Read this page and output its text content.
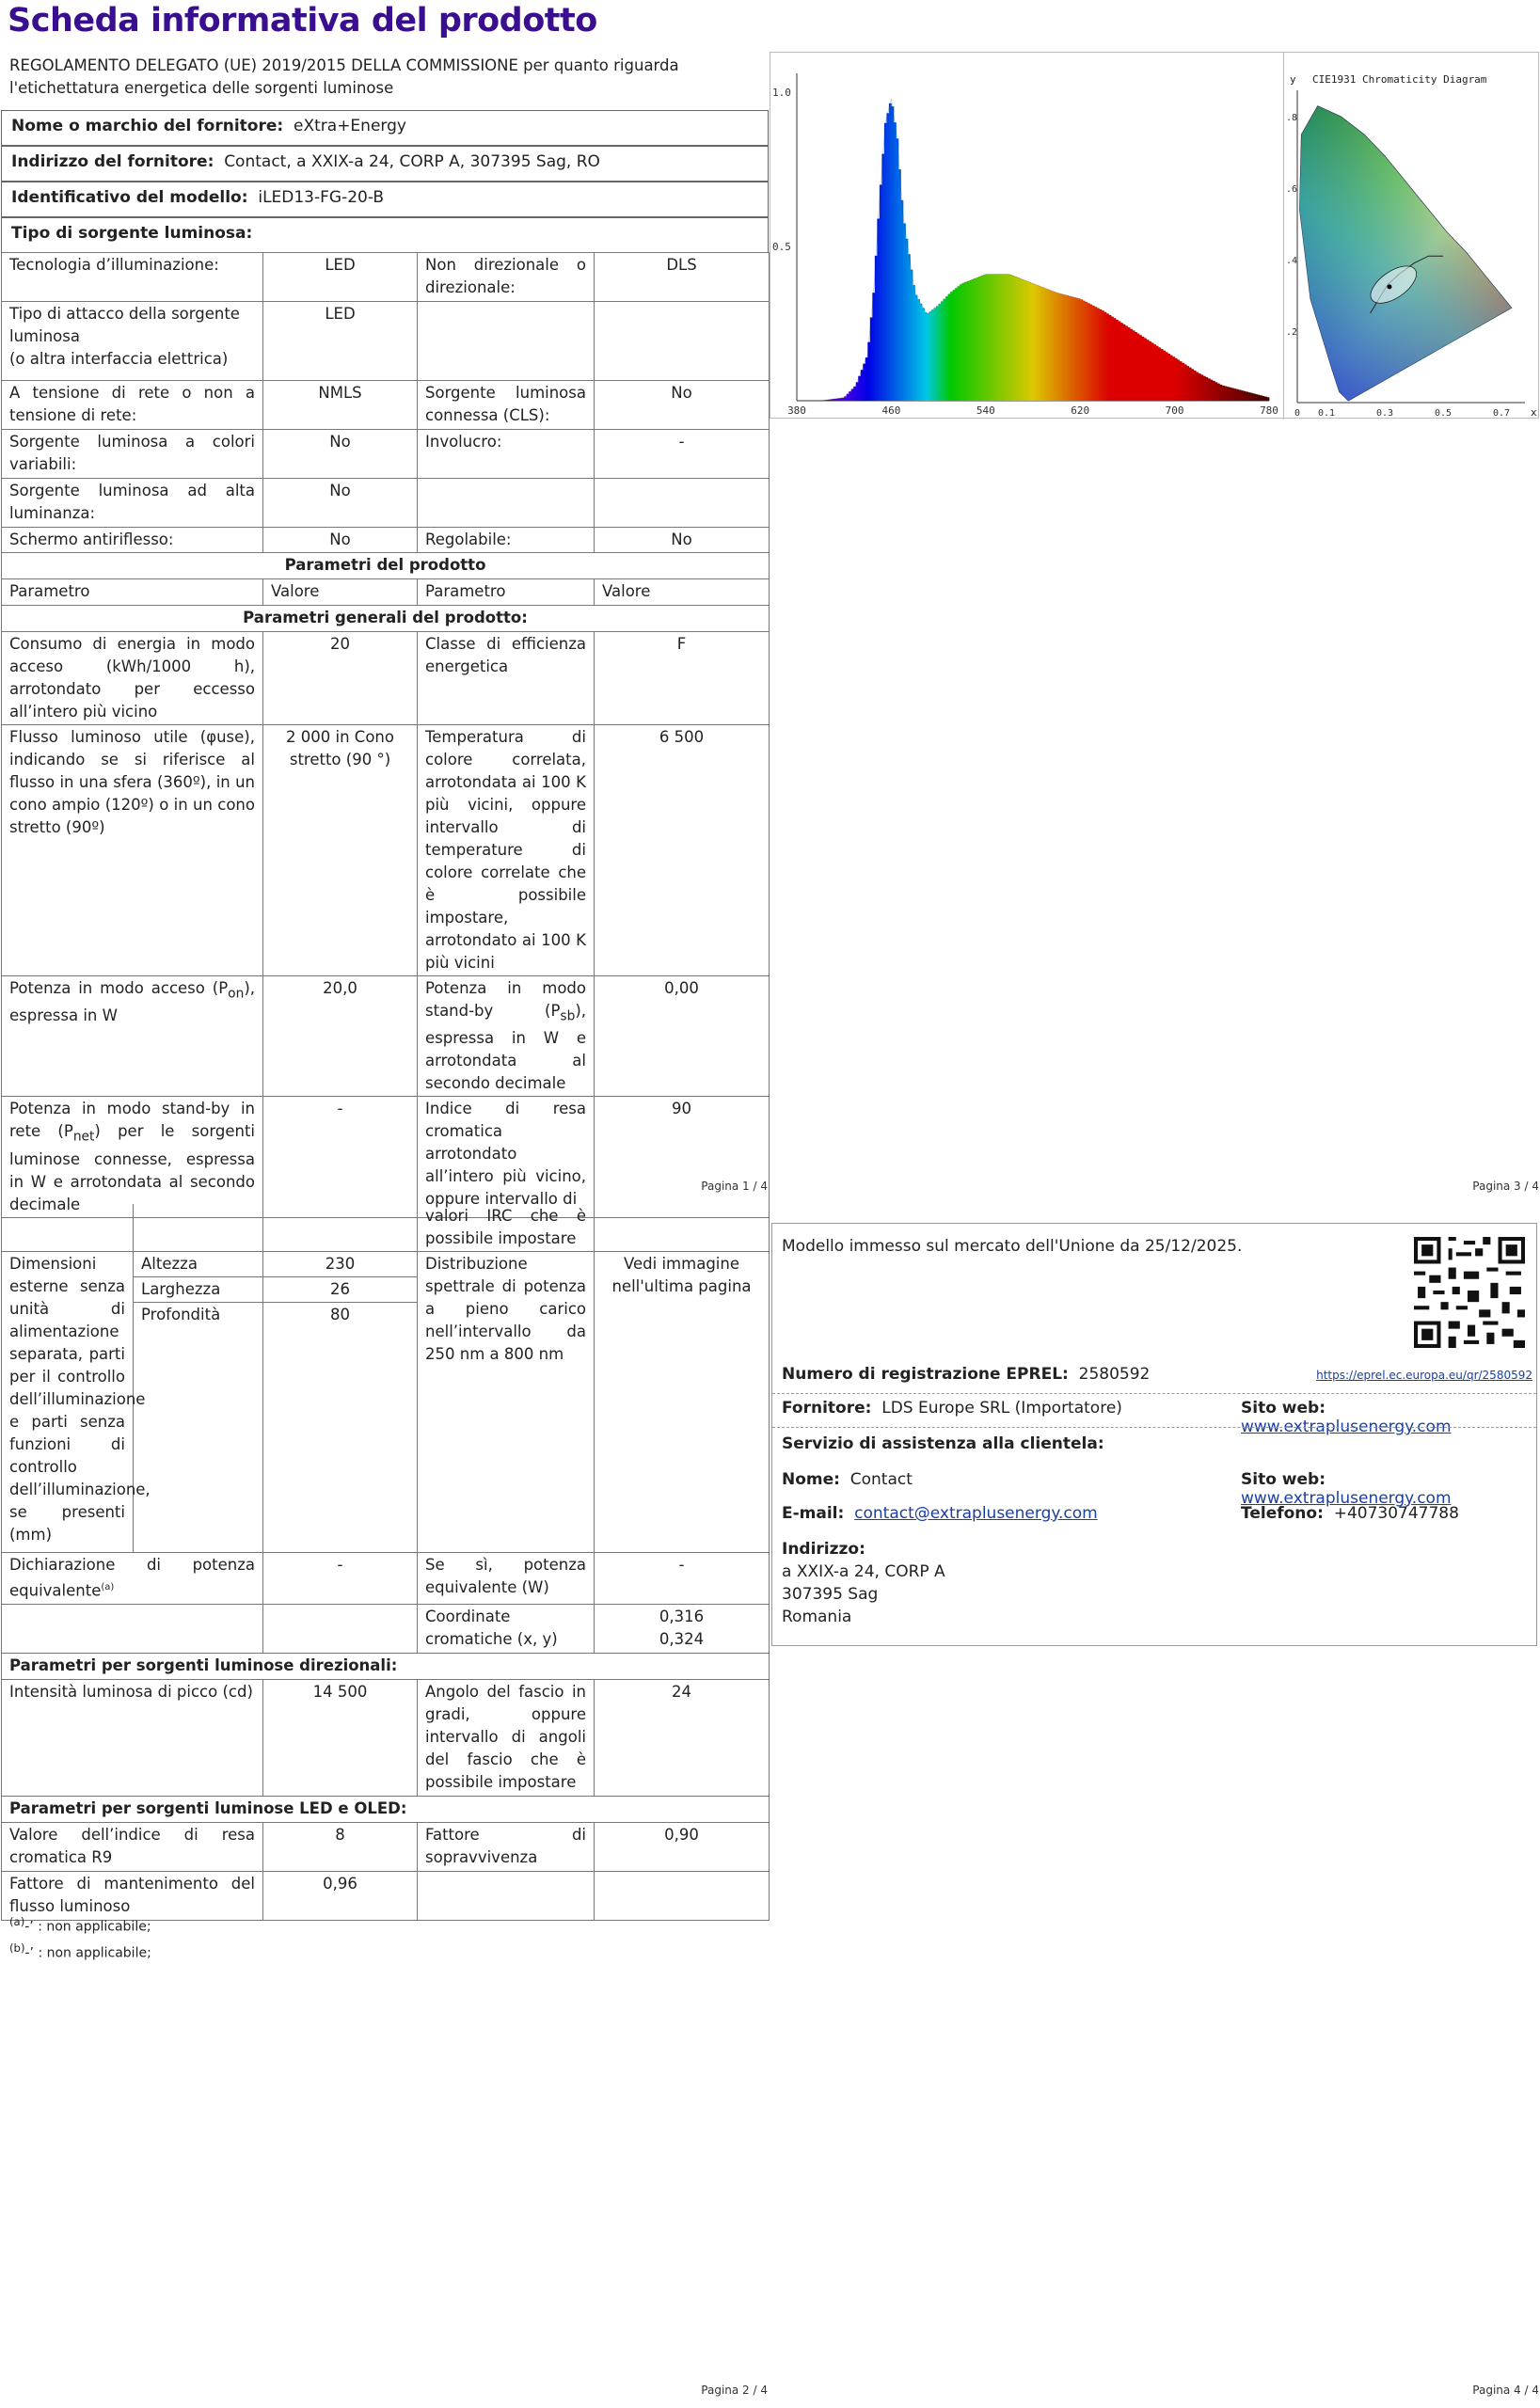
Scheda informativa del prodotto
REGOLAMENTO DELEGATO (UE) 2019/2015 DELLA COMMISSIONE per quanto riguarda l'etichettatura energetica delle sorgenti luminose
Nome o marchio del fornitore: eXtra+Energy
Indirizzo del fornitore: Contact, a XXIX-a 24, CORP A, 307395 Sag, RO
Identificativo del modello: iLED13-FG-20-B
Tipo di sorgente luminosa:
Tecnologia d’illuminazione:	LED	Non direzionale o direzionale:	DLS

Tipo di attacco della sorgente luminosa
(o altra interfaccia elettrica)	LED		
A tensione di rete o non a tensione di rete:	NMLS	Sorgente luminosa connessa (CLS):	No
Sorgente luminosa a colori variabili:	No	Involucro:	-
Sorgente luminosa ad alta luminanza:	No		
Schermo antiriflesso:	No	Regolabile:	No
Parametri del prodotto			
Parametro	Valore	Parametro	Valore
Parametri generali del prodotto:			
Consumo di energia in modo acceso (kWh/1000 h), arrotondato per eccesso all’intero più vicino	20	Classe di efficienza energetica	F
Flusso luminoso utile (φuse), indicando se si riferisce al flusso in una sfera (360º), in un cono ampio (120º) o in un cono stretto (90º)	2 000 in Cono stretto (90 °)	Temperatura di colore correlata, arrotondata ai 100 K più vicini, oppure intervallo di temperature di colore correlate che è possibile impostare, arrotondato ai 100 K più vicini	6 500
Potenza in modo acceso $(P_{on})$, espressa in W	20,0	Potenza in modo stand-by $(P_{sb})$, espressa in W e arrotondata al secondo decimale	0,00
Potenza in modo stand-by in rete $(P_{net})$ per le sorgenti luminose connesse, espressa in W e arrotondata al secondo decimale	-	Indice di resa cromatica arrotondato all’intero più vicino, oppure intervallo di	90
Pagina 1 / 4
380	460	540	620	700	780
0.5
1.0
CIE1931 Chromaticity Diagram
y
x
0 0.1	0.3	0.5	0.7
.2
.4
.6
.8
Pagina 3 / 4
			valori IRC che è possibile impostare	
Dimensioni esterne senza unità di alimentazione separata, parti per il controllo dell’illuminazione e parti senza funzioni di controllo dell’illuminazione, se presenti (mm)	Altezza	230	Distribuzione spettrale di potenza a pieno carico nell’intervallo da 250 nm a 800 nm	Vedi immagine nell'ultima pagina
	Larghezza	26		
	Profondità	80		
Dichiarazione di potenza equivalente$^{(a)}$		-	Se sì, potenza equivalente (W)	-
			Coordinate cromatiche (x, y)	0,316
0,324

Parametri per sorgenti luminose direzionali:				
Intensità luminosa di picco (cd)		14 500	Angolo del fascio in gradi, oppure intervallo di angoli del fascio che è possibile impostare	24
Parametri per sorgenti luminose LED e OLED:				
Valore dell’indice di resa cromatica R9		8	Fattore di sopravvivenza	0,90
Fattore di mantenimento del flusso luminoso		0,96		
$^{(a)}$-’ : non applicabile;
$^{(b)}$-’ : non applicabile;
Pagina 2 / 4
Modello immesso sul mercato dell'Unione da 25/12/2025.
Numero di registrazione EPREL: 2580592	https://eprel.ec.europa.eu/qr/2580592
Fornitore: LDS Europe SRL (Importatore)	Sito web:  www.extraplusenergy.com
Servizio di assistenza alla clientela:
Nome: Contact	Sito web:  www.extraplusenergy.com
E-mail: contact@extraplusenergy.com	Telefono: +40730747788
Indirizzo:
a XXIX-a 24, CORP A
307395 Sag
Romania
Pagina 4 / 4
